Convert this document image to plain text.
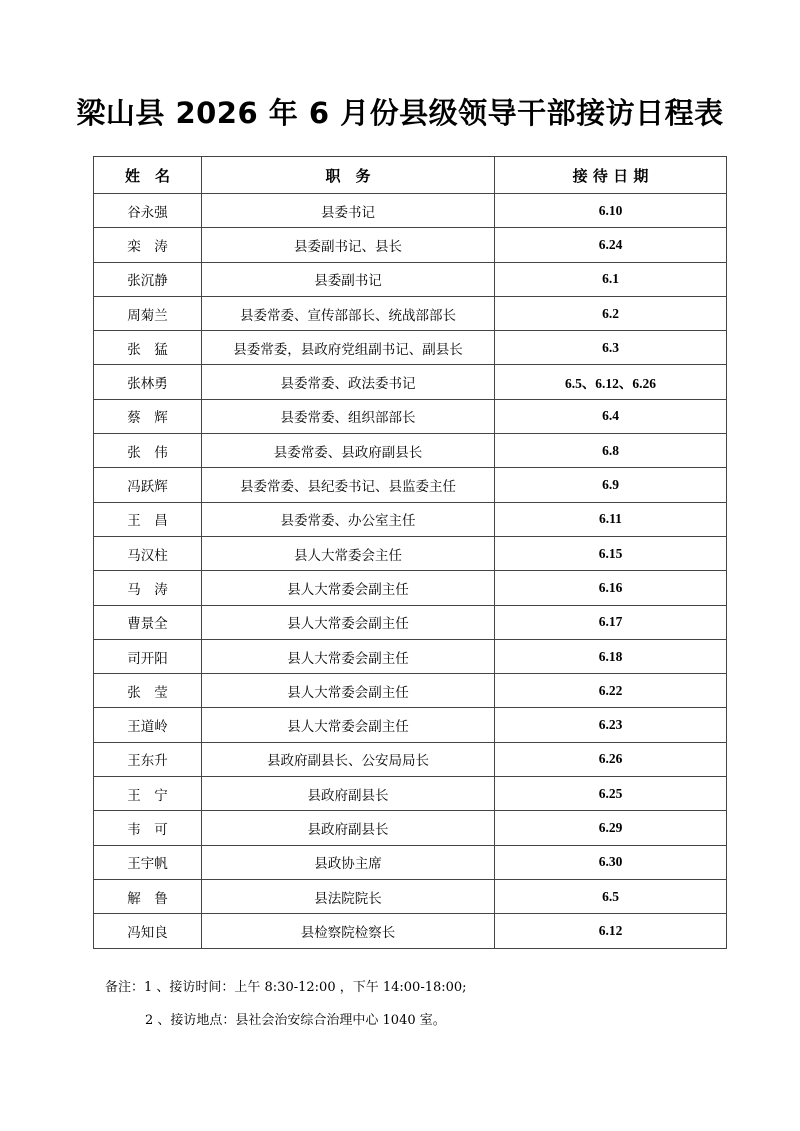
梁山县 2026 年 6 月份县级领导干部接访日程表
姓　名	职　务	接 待 日 期
谷永强	县委书记	6.10
栾　涛	县委副书记、县长	6.24
张沉静	县委副书记	6.1
周菊兰	县委常委、宣传部部长、统战部部长	6.2
张　猛	县委常委，县政府党组副书记、副县长	6.3
张林勇	县委常委、政法委书记	6.5、6.12、6.26
蔡　辉	县委常委、组织部部长	6.4
张　伟	县委常委、县政府副县长	6.8
冯跃辉	县委常委、县纪委书记、县监委主任	6.9
王　昌	县委常委、办公室主任	6.11
马汉柱	县人大常委会主任	6.15
马　涛	县人大常委会副主任	6.16
曹景全	县人大常委会副主任	6.17
司开阳	县人大常委会副主任	6.18
张　莹	县人大常委会副主任	6.22
王道岭	县人大常委会副主任	6.23
王东升	县政府副县长、公安局局长	6.26
王　宁	县政府副县长	6.25
韦　可	县政府副县长	6.29
王宇帆	县政协主席	6.30
解　鲁	县法院院长	6.5
冯知良	县检察院检察长	6.12
备注：1 、接访时间：上午 8:30-12:00 ，下午 14:00-18:00;
2 、接访地点：县社会治安综合治理中心 1040 室。
